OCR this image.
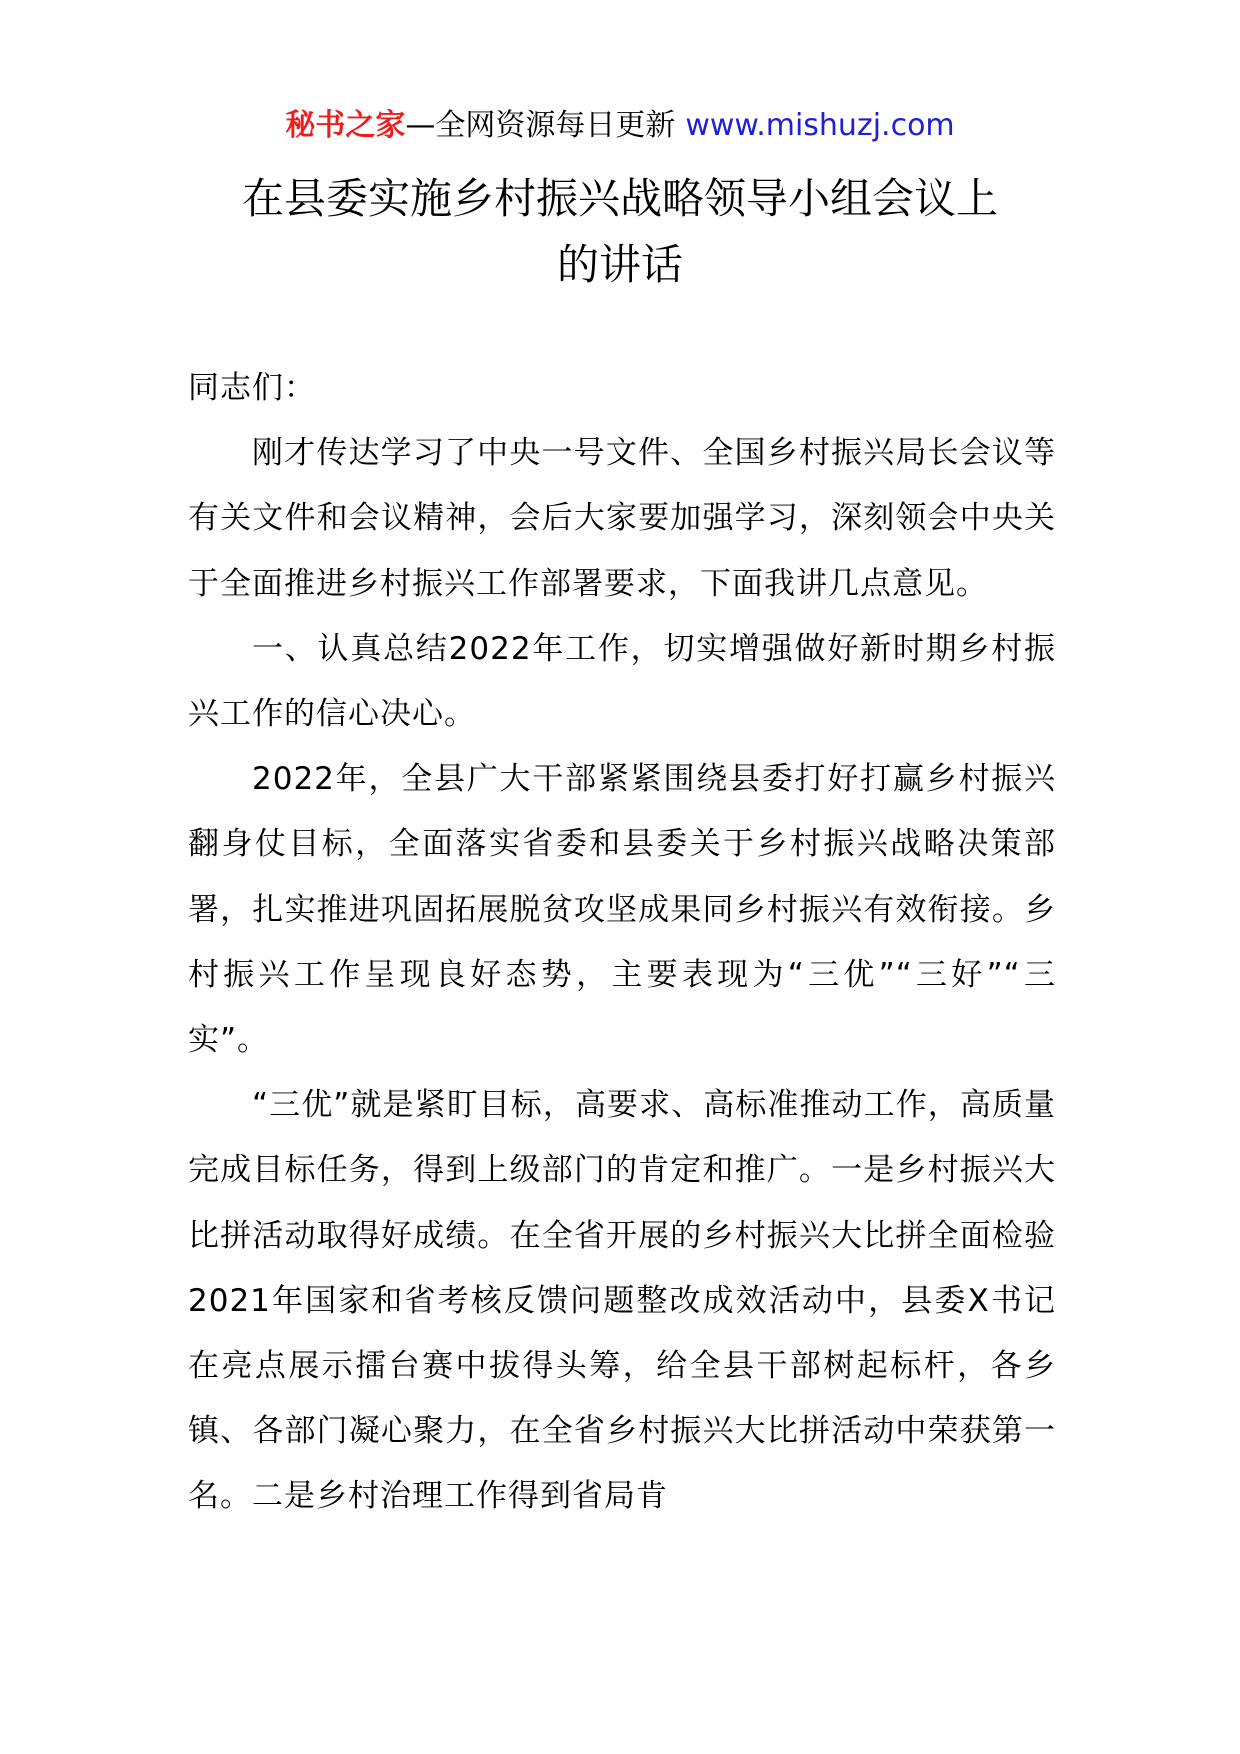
秘书之家—全网资源每日更新 www.mishuzj.com
在县委实施乡村振兴战略领导小组会议上
的讲话

同志们：

刚才传达学习了中央一号文件、全国乡村振兴局长会议等有关文件和会议精神，会后大家要加强学习，深刻领会中央关于全面推进乡村振兴工作部署要求，下面我讲几点意见。

一、认真总结2022年工作，切实增强做好新时期乡村振兴工作的信心决心。

2022年，全县广大干部紧紧围绕县委打好打赢乡村振兴翻身仗目标，全面落实省委和县委关于乡村振兴战略决策部署，扎实推进巩固拓展脱贫攻坚成果同乡村振兴有效衔接。乡村振兴工作呈现良好态势，主要表现为“三优”“三好”“三实”。

“三优”就是紧盯目标，高要求、高标准推动工作，高质量完成目标任务，得到上级部门的肯定和推广。一是乡村振兴大比拼活动取得好成绩。在全省开展的乡村振兴大比拼全面检验2021年国家和省考核反馈问题整改成效活动中，县委X书记在亮点展示擂台赛中拔得头筹，给全县干部树起标杆，各乡镇、各部门凝心聚力，在全省乡村振兴大比拼活动中荣获第一名。二是乡村治理工作得到省局肯
